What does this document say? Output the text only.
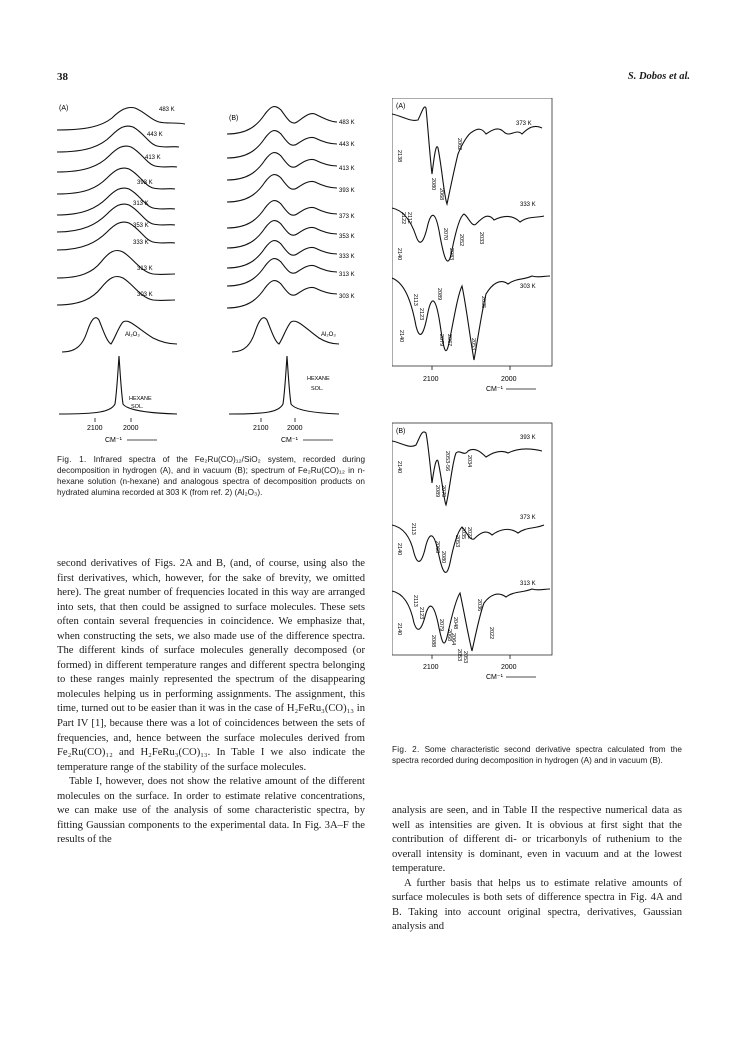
38	S. Dobos et al.
(A)	483 K
443 K
413 K
393 K
313 K
353 K
333 K
313 K
303 K
Al₂O₃
HEXANE
SOL.
2100	2000
CM⁻¹
(B)
483 K
443 K
413 K
393 K
373 K
353 K
333 K
313 K
303 K
Al₂O₃
HEXANE
SOL.
2100	2000
CM⁻¹
Fig. 1. Infrared spectra of the Fe₂Ru(CO)₁₂/SiO₂ system, recorded during decomposition in hydrogen (A), and in vacuum (B); spectrum of Fe₂Ru(CO)₁₂ in n-hexane solution (n-hexane) and analogous spectra of decomposition products on hydrated alumina recorded at 303 K (from ref. 2) (Al₂O₃).
(A)
373 K
333 K
303 K
2138
2080
2062
2068
2122 2112
2140
2070
2083
2052	2033
2089
2113
2123
2140	2079 2067	2053
2035
2100	2000
CM⁻¹
(B)
393 K
373 K
313 K
2140	2053-56	2034
2089 2079
2113
2140	2068
2080
2053
2035 2022
2113
2123
2140	2079
2068
2053
2048
2036
2022
2088	2064
2053
2100	2000
CM⁻¹
Fig. 2. Some characteristic second derivative spectra calculated from the spectra recorded during decomposition in hydrogen (A) and in vacuum (B).

second derivatives of Figs. 2A and B, (and, of course, using also the first derivatives, which, however, for the sake of brevity, we omitted here). The great number of frequencies located in this way are arranged into sets, that then could be assigned to surface molecules. These sets often contain several frequencies in coincidence. We emphasize that, when constructing the sets, we also made use of the difference spectra. The different kinds of surface molecules generally decomposed (or formed) in different temperature ranges and different spectra belonging to these ranges mainly represented the spectrum of the disappearing molecules helping us in performing assignments. The assignment, this time, turned out to be easier than it was in the case of H₂FeRu₃(CO)₁₃ in Part IV [1], because there was a lot of coincidences between the sets of frequencies, and, hence between the surface molecules derived from Fe₂Ru(CO)₁₂ and H₂FeRu₃(CO)₁₃. In Table I we also indicate the temperature range of the stability of the surface molecules.

Table I, however, does not show the relative amount of the different molecules on the surface. In order to estimate relative concentrations, we can make use of the analysis of some characteristic spectra, by fitting Gaussian components to the experimental data. In Fig. 3A–F the results of the

analysis are seen, and in Table II the respective numerical data as well as intensities are given. It is obvious at first sight that the contribution of different di- or tricarbonyls of ruthenium to the overall intensity is dominant, even in vacuum and at the lowest temperature.

A further basis that helps us to estimate relative amounts of surface molecules is both sets of difference spectra in Fig. 4A and B. Taking into account original spectra, derivatives, Gaussian analysis and
